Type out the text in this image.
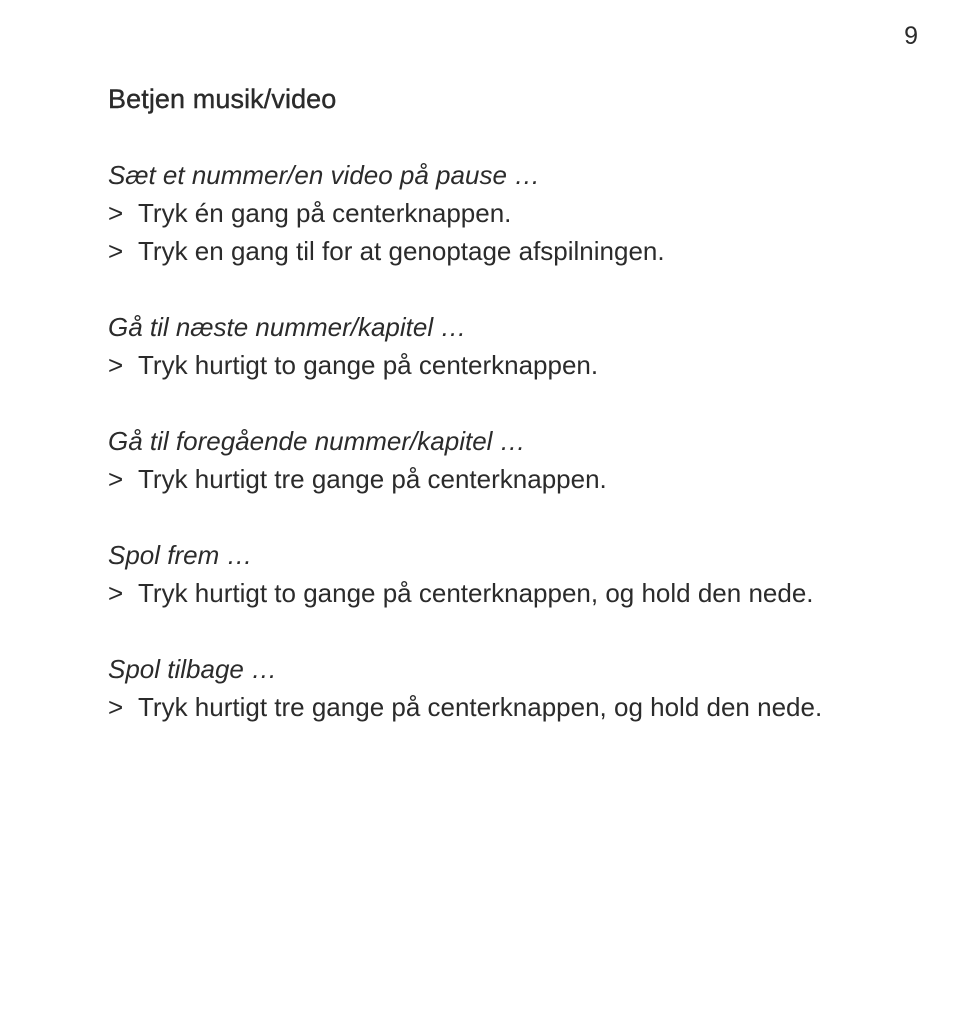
9
Betjen musik/video

Sæt et nummer/en video på pause …

> Tryk én gang på centerknappen.
> Tryk en gang til for at genoptage afspilningen.

Gå til næste nummer/kapitel …

> Tryk hurtigt to gange på centerknappen.

Gå til foregående nummer/kapitel …

> Tryk hurtigt tre gange på centerknappen.

Spol frem …

> Tryk hurtigt to gange på centerknappen, og hold den nede.

Spol tilbage …

> Tryk hurtigt tre gange på centerknappen, og hold den nede.
